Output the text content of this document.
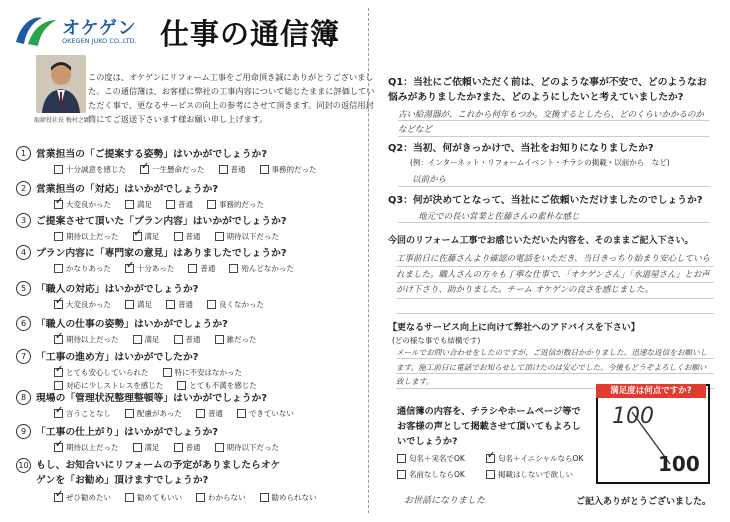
オケゲン
OKEGEN JUKO CO.,LTD. 仕事の通信簿
取締役社長 梅村之顕
この度は、オケゲンにリフォーム工事をご用命頂き誠にありがとうございました。この通信簿は、お客様に弊社の工事内容について総じたままに評価していただく事で、更なるサービスの向上の参考にさせて頂きます。同封の返信用封筒にてご返送下さいます様お願い申し上げます。
1	営業担当の「ご提案する姿勢」はいかがでしょうか?
十分誠意を感じた ✓	一生懸命だった	普通	事務的だった
2	営業担当の「対応」はいかがでしょうか?
✓
大変良かった	満足	普通	事務的だった
3	ご提案させて頂いた「プラン内容」はいかがでしょうか?
期待以上だった ✓	満足	普通	期待以下だった
4	プラン内容に「専門家の意見」はありましたでしょうか?
かなりあった ✓	十分あった	普通	殆んどなかった
5	「職人の対応」はいかがでしょうか?
✓
大変良かった	満足	普通	良くなかった
6	「職人の仕事の姿勢」はいかがでしょうか?
✓
期待以上だった	満足	普通	雑だった
7	「工事の進め方」はいかがでしたか?
✓
とても安心していられた	特に不安はなかった
対応に少しストレスを感じた	とても不満を感じた
8	現場の「管理状況整理整頓等」はいかがでしょうか?
✓
言うことなし	配慮があった	普通	できていない
9	「工事の仕上がり」はいかがでしょうか?
✓
期待以上だった	満足	普通	期待以下だった
10 もし、お知合いにリフォームの予定がありましたらオケゲンを「お勧め」頂けますでしょうか?
✓
ぜひ勧めたい	勧めてもいい	わからない	勧められない
Q1：当社にご依頼いただく前は、どのような事が不安で、どのようなお悩みがありましたか?また、どのようにしたいと考えていましたか?
古い給湯器が、これから何年もつか。交換するとしたら、どのくらいかかるのかなどなど
Q2：当初、何がきっかけで、当社をお知りになりましたか?
(例：インターネット・リフォームイベント・チラシの掲載・以前から　など)
以前から
Q3：何が決めてとなって、当社にご依頼いただけましたのでしょうか?
地元での長い営業と佐藤さんの素朴な感じ
今回のリフォーム工事でお感じいただいた内容を、そのままご記入下さい。
工事前日に佐藤さんより確認の電話をいただき、当日きっちり始まり安心していられました。職人さんの方々も丁寧な仕事で、「オケゲンさん」「水道屋さん」とお声がけ下さり、助かりました。チーム オケゲンの良さを感じました。
【更なるサービス向上に向けて弊社へのアドバイスを下さい】
(どの様な事でも結構です)
メールでお問い合わせをしたのですが、ご返信が数日かかりました。迅速な返信をお願いします。施工前日に電話でお知らせして頂けたのは安心でした。今後もどうぞよろしくお願い致します。
通信簿の内容を、チラシやホームページ等でお客様の声として掲載させて頂いてもよろしいでしょうか?
匂名＋実名でOK ✓	匂名＋イニシャルならOK
名前なしならOK	掲載はしないで欲しい
満足度は何点ですか?
100
100
お世話になりました	ご記入ありがとうございました。
